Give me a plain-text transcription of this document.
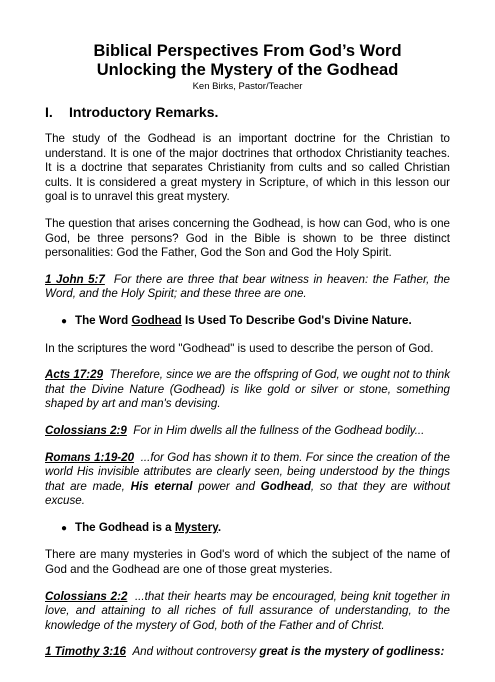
Biblical Perspectives From God’s Word
Unlocking the Mystery of the Godhead
Ken Birks, Pastor/Teacher
I. Introductory Remarks.

The study of the Godhead is an important doctrine for the Christian to understand. It is one of the major doctrines that orthodox Christianity teaches. It is a doctrine that separates Christianity from cults and so called Christian cults. It is considered a great mystery in Scripture, of which in this lesson our goal is to unravel this great mystery.

The question that arises concerning the Godhead, is how can God, who is one God, be three persons? God in the Bible is shown to be three distinct personalities: God the Father, God the Son and God the Holy Spirit.

1 John 5:7 For there are three that bear witness in heaven: the Father, the Word, and the Holy Spirit; and these three are one.

● The Word Godhead Is Used To Describe God's Divine Nature.

In the scriptures the word "Godhead" is used to describe the person of God.

Acts 17:29 Therefore, since we are the offspring of God, we ought not to think that the Divine Nature (Godhead) is like gold or silver or stone, something shaped by art and man's devising.

Colossians 2:9 For in Him dwells all the fullness of the Godhead bodily...

Romans 1:19-20 ...for God has shown it to them. For since the creation of the world His invisible attributes are clearly seen, being understood by the things that are made, His eternal power and Godhead, so that they are without excuse.

● The Godhead is a Mystery.

There are many mysteries in God's word of which the subject of the name of God and the Godhead are one of those great mysteries.

Colossians 2:2 ...that their hearts may be encouraged, being knit together in love, and attaining to all riches of full assurance of understanding, to the knowledge of the mystery of God, both of the Father and of Christ.

1 Timothy 3:16 And without controversy great is the mystery of godliness:
